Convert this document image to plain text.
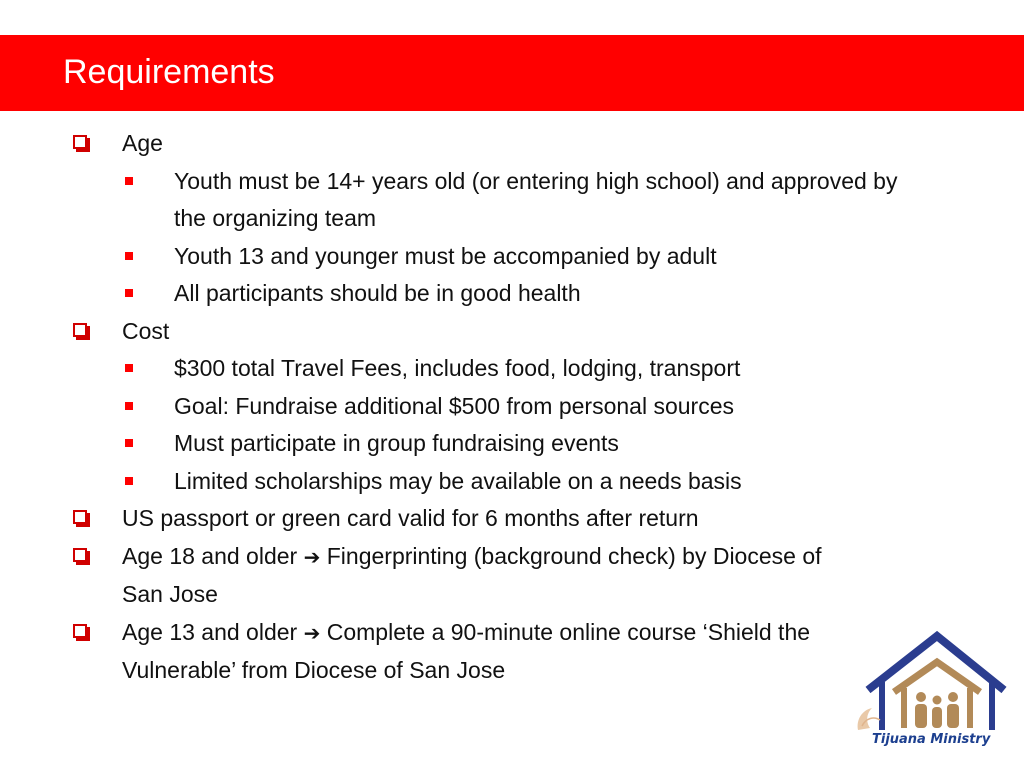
Requirements

Age

Youth must be 14+ years old (or entering high school) and approved by the organizing team

Youth 13 and younger must be accompanied by adult

All participants should be in good health

Cost

$300 total Travel Fees, includes food, lodging, transport

Goal: Fundraise additional $500 from personal sources

Must participate in group fundraising events

Limited scholarships may be available on a needs basis

US passport or green card valid for 6 months after return

Age 18 and older ➔ Fingerprinting (background check) by Diocese of San Jose

Age 13 and older ➔ Complete a 90-minute online course ‘Shield the Vulnerable’ from Diocese of San Jose

Tijuana Ministry
